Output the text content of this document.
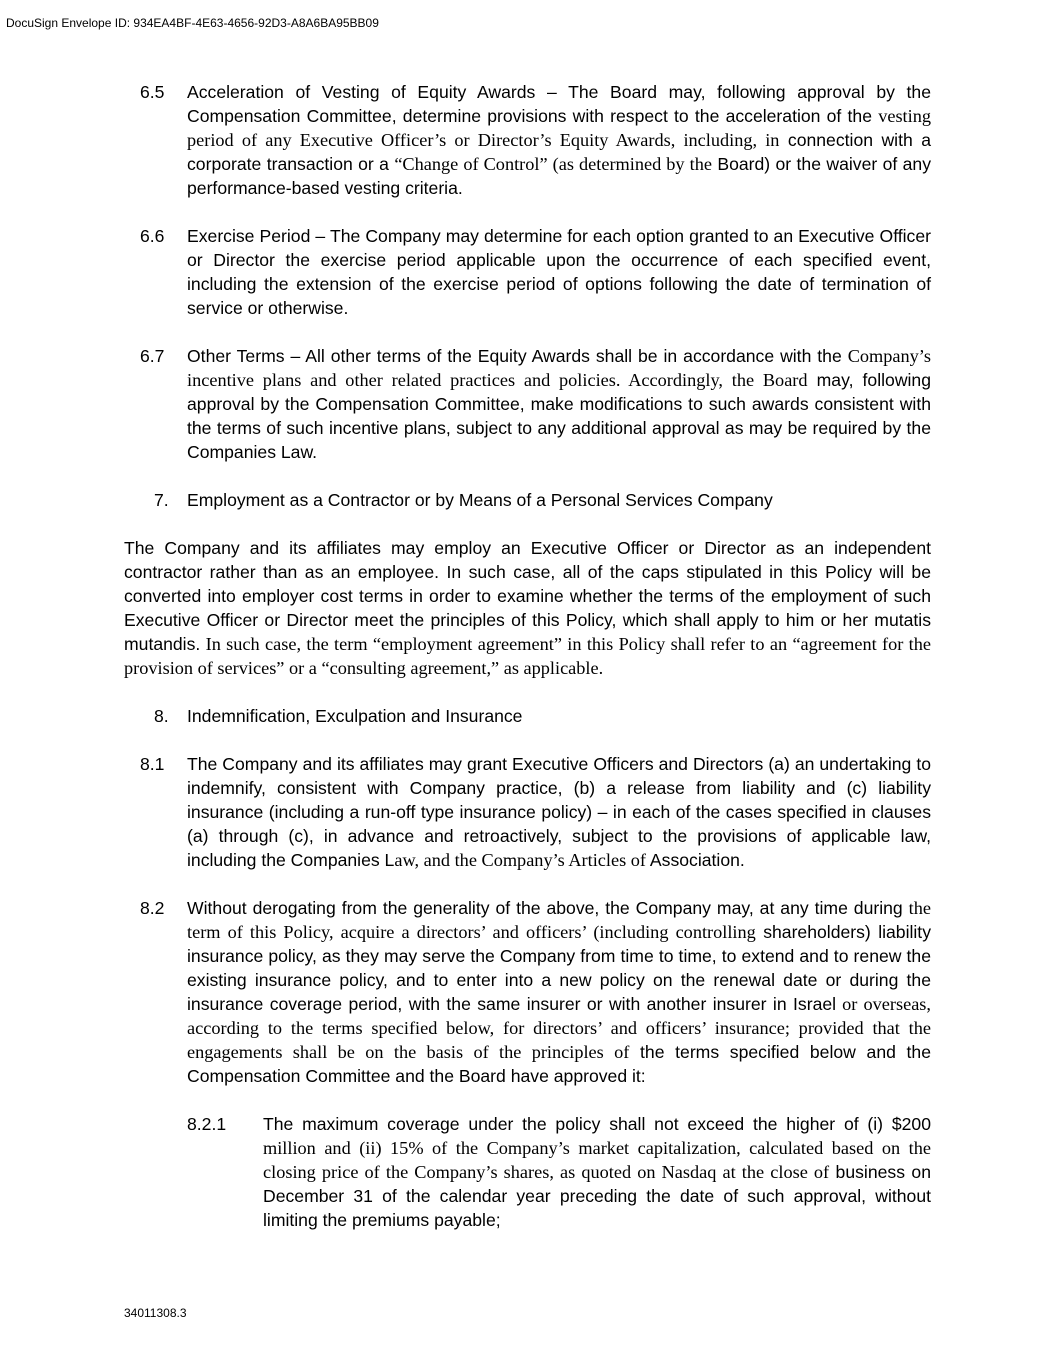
DocuSign Envelope ID: 934EA4BF-4E63-4656-92D3-A8A6BA95BB09
6.5 Acceleration of Vesting of Equity Awards – The Board may, following approval by the Compensation Committee, determine provisions with respect to the acceleration of the vesting period of any Executive Officer’s or Director’s Equity Awards, including, in connection with a corporate transaction or a “Change of Control” (as determined by the Board) or the waiver of any performance-based vesting criteria.
6.6 Exercise Period – The Company may determine for each option granted to an Executive Officer or Director the exercise period applicable upon the occurrence of each specified event, including the extension of the exercise period of options following the date of termination of service or otherwise.
6.7 Other Terms – All other terms of the Equity Awards shall be in accordance with the Company’s incentive plans and other related practices and policies. Accordingly, the Board may, following approval by the Compensation Committee, make modifications to such awards consistent with the terms of such incentive plans, subject to any additional approval as may be required by the Companies Law.
7. Employment as a Contractor or by Means of a Personal Services Company
The Company and its affiliates may employ an Executive Officer or Director as an independent contractor rather than as an employee. In such case, all of the caps stipulated in this Policy will be converted into employer cost terms in order to examine whether the terms of the employment of such Executive Officer or Director meet the principles of this Policy, which shall apply to him or her mutatis mutandis. In such case, the term “employment agreement” in this Policy shall refer to an “agreement for the provision of services” or a “consulting agreement,” as applicable.
8. Indemnification, Exculpation and Insurance
8.1 The Company and its affiliates may grant Executive Officers and Directors (a) an undertaking to indemnify, consistent with Company practice, (b) a release from liability and (c) liability insurance (including a run-off type insurance policy) – in each of the cases specified in clauses (a) through (c), in advance and retroactively, subject to the provisions of applicable law, including the Companies Law, and the Company’s Articles of Association.
8.2 Without derogating from the generality of the above, the Company may, at any time during the term of this Policy, acquire a directors’ and officers’ (including controlling shareholders) liability insurance policy, as they may serve the Company from time to time, to extend and to renew the existing insurance policy, and to enter into a new policy on the renewal date or during the insurance coverage period, with the same insurer or with another insurer in Israel or overseas, according to the terms specified below, for directors’ and officers’ insurance; provided that the engagements shall be on the basis of the principles of the terms specified below and the Compensation Committee and the Board have approved it:
8.2.1 The maximum coverage under the policy shall not exceed the higher of (i) $200 million and (ii) 15% of the Company’s market capitalization, calculated based on the closing price of the Company’s shares, as quoted on Nasdaq at the close of business on December 31 of the calendar year preceding the date of such approval, without limiting the premiums payable;
34011308.3
